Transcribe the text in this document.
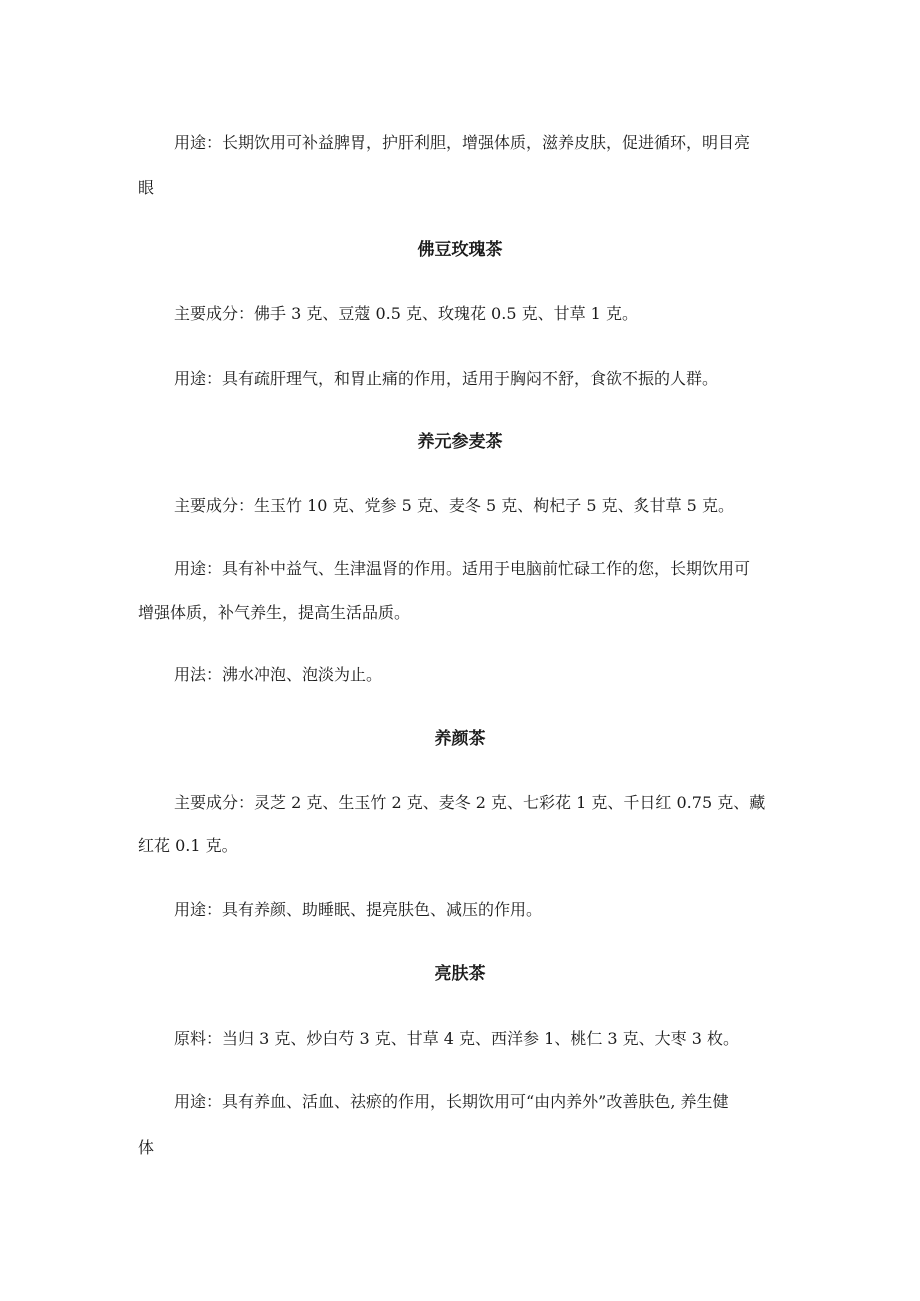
用途：长期饮用可补益脾胃，护肝利胆，增强体质，滋养皮肤，促进循环，明目亮

眼

佛豆玫瑰茶

主要成分：佛手 3 克、豆蔻 0.5 克、玫瑰花 0.5 克、甘草 1 克。

用途：具有疏肝理气，和胃止痛的作用，适用于胸闷不舒，食欲不振的人群。

养元参麦茶

主要成分：生玉竹 10 克、党参 5 克、麦冬 5 克、枸杞子 5 克、炙甘草 5 克。

用途：具有补中益气、生津温肾的作用。适用于电脑前忙碌工作的您，长期饮用可

增强体质，补气养生，提高生活品质。

用法：沸水冲泡、泡淡为止。

养颜茶

主要成分：灵芝 2 克、生玉竹 2 克、麦冬 2 克、七彩花 1 克、千日红 0.75 克、藏

红花 0.1 克。

用途：具有养颜、助睡眠、提亮肤色、减压的作用。

亮肤茶

原料：当归 3 克、炒白芍 3 克、甘草 4 克、西洋参 1、桃仁 3 克、大枣 3 枚。

用途：具有养血、活血、祛瘀的作用，长期饮用可“由内养外”改善肤色, 养生健

体
